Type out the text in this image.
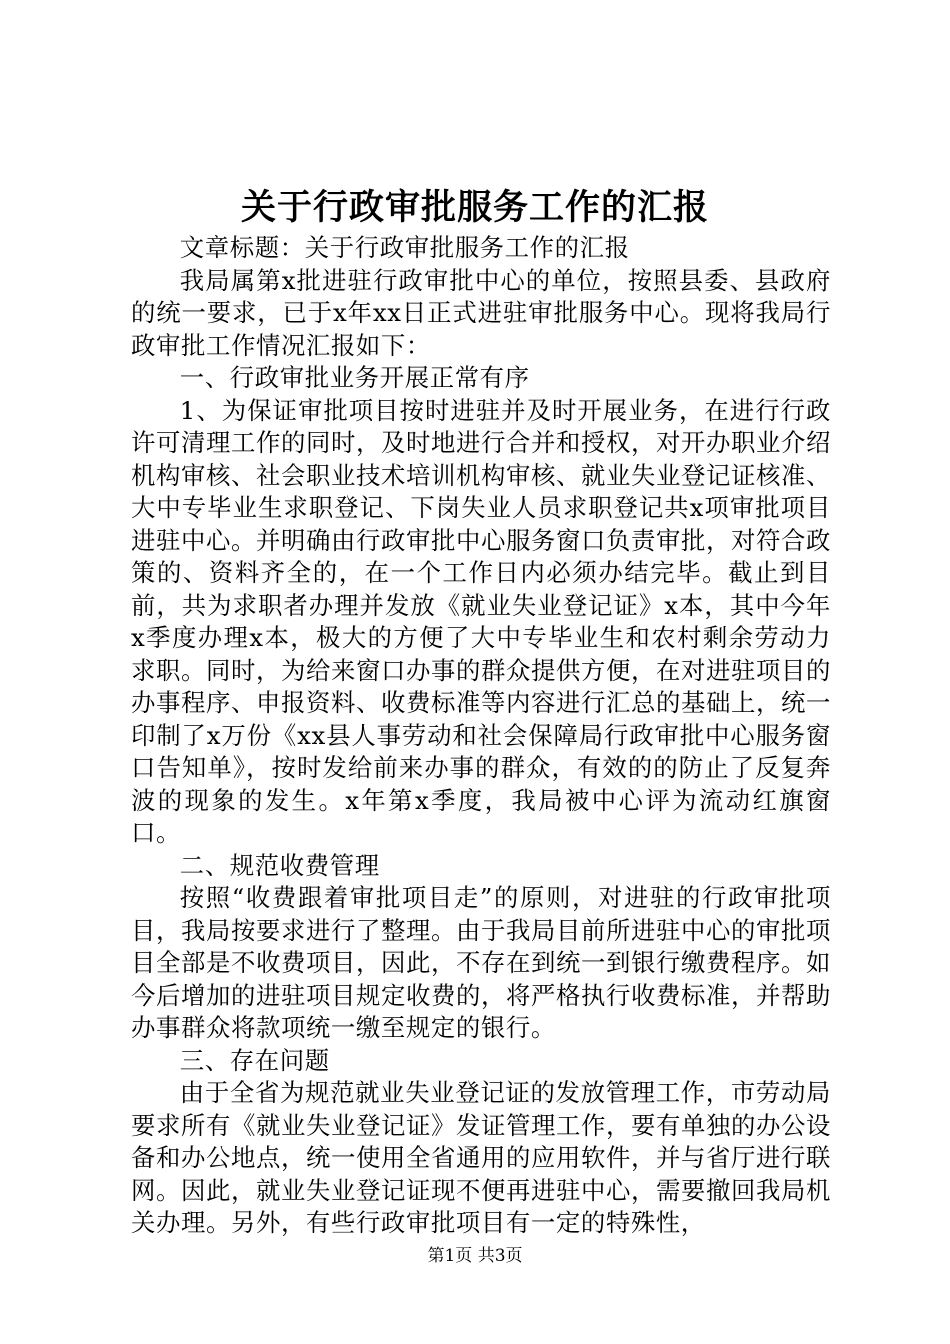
关于行政审批服务工作的汇报

文章标题：关于行政审批服务工作的汇报

我局属第x批进驻行政审批中心的单位，按照县委、县政府的统一要求，已于x年xx日正式进驻审批服务中心。现将我局行政审批工作情况汇报如下：

一、行政审批业务开展正常有序

1、为保证审批项目按时进驻并及时开展业务，在进行行政许可清理工作的同时，及时地进行合并和授权，对开办职业介绍机构审核、社会职业技术培训机构审核、就业失业登记证核准、大中专毕业生求职登记、下岗失业人员求职登记共x项审批项目进驻中心。并明确由行政审批中心服务窗口负责审批，对符合政策的、资料齐全的，在一个工作日内必须办结完毕。截止到目前，共为求职者办理并发放《就业失业登记证》x本，其中今年x季度办理x本，极大的方便了大中专毕业生和农村剩余劳动力求职。同时，为给来窗口办事的群众提供方便，在对进驻项目的办事程序、申报资料、收费标准等内容进行汇总的基础上，统一印制了x万份《xx县人事劳动和社会保障局行政审批中心服务窗口告知单》，按时发给前来办事的群众，有效的的防止了反复奔波的现象的发生。x年第x季度，我局被中心评为流动红旗窗口。

二、规范收费管理

按照“收费跟着审批项目走”的原则，对进驻的行政审批项目，我局按要求进行了整理。由于我局目前所进驻中心的审批项目全部是不收费项目，因此，不存在到统一到银行缴费程序。如今后增加的进驻项目规定收费的，将严格执行收费标准，并帮助办事群众将款项统一缴至规定的银行。

三、存在问题

由于全省为规范就业失业登记证的发放管理工作，市劳动局要求所有《就业失业登记证》发证管理工作，要有单独的办公设备和办公地点，统一使用全省通用的应用软件，并与省厅进行联网。因此，就业失业登记证现不便再进驻中心，需要撤回我局机关办理。另外，有些行政审批项目有一定的特殊性，

第1页 共3页
